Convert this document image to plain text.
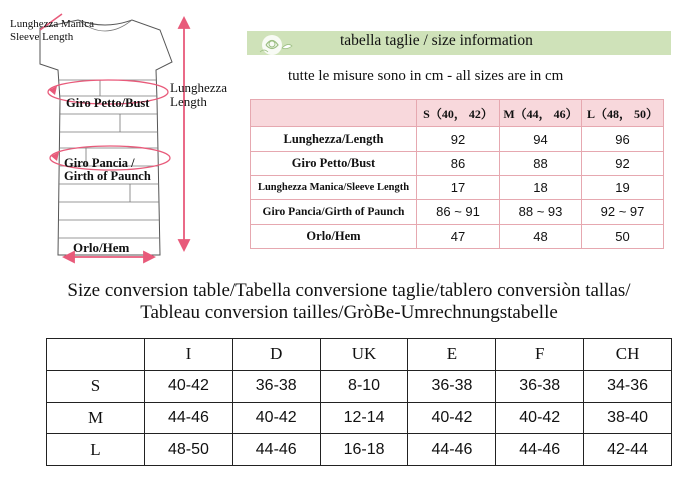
Lunghezza Manica
Sleeve Length
Lunghezza
Length
Giro Petto/Bust
Giro Pancia /
Girth of Paunch
Orlo/Hem
tabella taglie / size information
tutte le misure sono in cm - all sizes are in cm
	S（40， 42）	M（44， 46）	L（48， 50）
Lunghezza/Length	92	94	96
Giro Petto/Bust	86	88	92
Lunghezza Manica/Sleeve Length	17	18	19
Giro Pancia/Girth of Paunch	86 ~ 91	88 ~ 93	92 ~ 97
Orlo/Hem	47	48	50
Size conversion table/Tabella conversione taglie/tablero conversiòn tallas/
Tableau conversion tailles/GròBe-Umrechnungstabelle
	I	D	UK	E	F	CH
S	40-42	36-38	8-10	36-38	36-38	34-36
M	44-46	40-42	12-14	40-42	40-42	38-40
L	48-50	44-46	16-18	44-46	44-46	42-44
